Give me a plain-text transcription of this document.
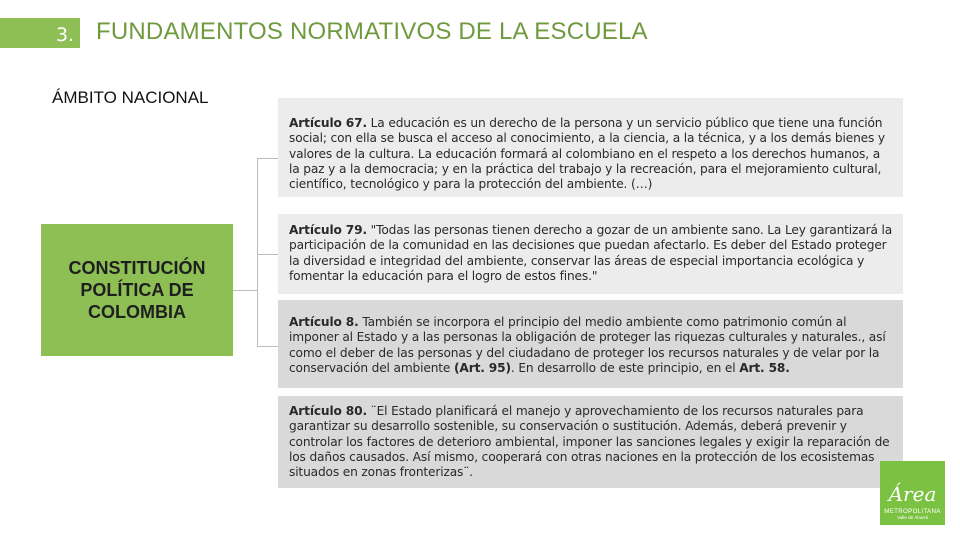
3. FUNDAMENTOS NORMATIVOS DE LA ESCUELA
ÁMBITO NACIONAL
CONSTITUCIÓN POLÍTICA DE COLOMBIA
Artículo 67. La educación es un derecho de la persona y un servicio público que tiene una función social; con ella se busca el acceso al conocimiento, a la ciencia, a la técnica, y a los demás bienes y valores de la cultura. La educación formará al colombiano en el respeto a los derechos humanos, a la paz y a la democracia; y en la práctica del trabajo y la recreación, para el mejoramiento cultural, científico, tecnológico y para la protección del ambiente. (…)
Artículo 79. "Todas las personas tienen derecho a gozar de un ambiente sano. La Ley garantizará la participación de la comunidad en las decisiones que puedan afectarlo. Es deber del Estado proteger la diversidad e integridad del ambiente, conservar las áreas de especial importancia ecológica y fomentar la educación para el logro de estos fines."
Artículo 8. También se incorpora el principio del medio ambiente como patrimonio común al imponer al Estado y a las personas la obligación de proteger las riquezas culturales y naturales., así como el deber de las personas y del ciudadano de proteger los recursos naturales y de velar por la conservación del ambiente (Art. 95). En desarrollo de este principio, en el Art. 58.
Artículo 80. ¨El Estado planificará el manejo y aprovechamiento de los recursos naturales para garantizar su desarrollo sostenible, su conservación o sustitución. Además, deberá prevenir y controlar los factores de deterioro ambiental, imponer las sanciones legales y exigir la reparación de los daños causados. Así mismo, cooperará con otras naciones en la protección de los ecosistemas situados en zonas fronterizas¨.
Área
METROPOLITANA
Valle de Aburrá
